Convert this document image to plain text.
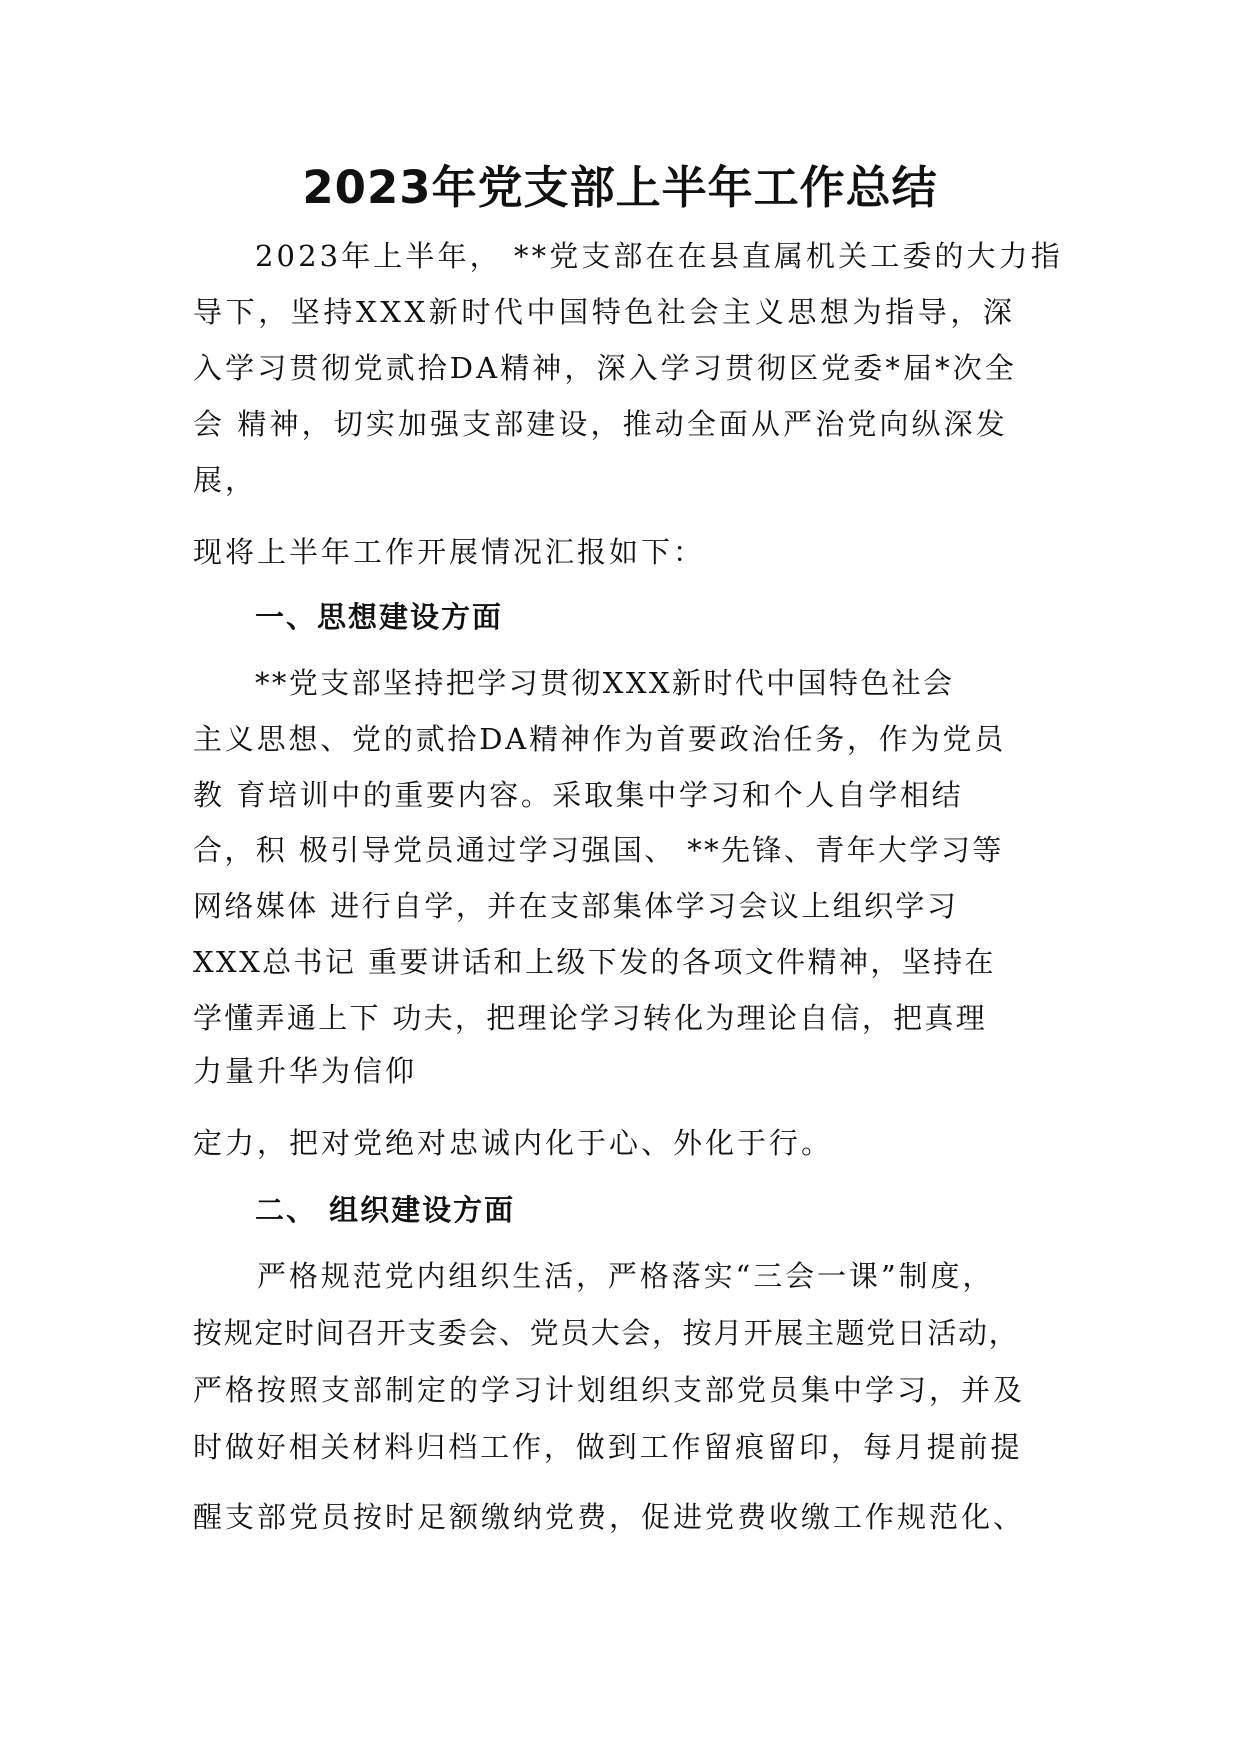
2023年党支部上半年工作总结
2023年上半年， **党支部在在县直属机关工委的大力指
导下，坚持XXX新时代中国特色社会主义思想为指导，深
入学习贯彻党贰拾DA精神，深入学习贯彻区党委*届*次全
会 精神，切实加强支部建设，推动全面从严治党向纵深发
展，
现将上半年工作开展情况汇报如下：
一、思想建设方面
**党支部坚持把学习贯彻XXX新时代中国特色社会
主义思想、党的贰拾DA精神作为首要政治任务，作为党员
教 育培训中的重要内容。采取集中学习和个人自学相结
合，积 极引导党员通过学习强国、 **先锋、青年大学习等
网络媒体 进行自学，并在支部集体学习会议上组织学习
XXX总书记 重要讲话和上级下发的各项文件精神，坚持在
学懂弄通上下 功夫，把理论学习转化为理论自信，把真理
力量升华为信仰
定力，把对党绝对忠诚内化于心、外化于行。
二、 组织建设方面
严格规范党内组织生活，严格落实“三会一课”制度，
按规定时间召开支委会、党员大会，按月开展主题党日活动，
严格按照支部制定的学习计划组织支部党员集中学习，并及
时做好相关材料归档工作，做到工作留痕留印，每月提前提
醒支部党员按时足额缴纳党费，促进党费收缴工作规范化、
